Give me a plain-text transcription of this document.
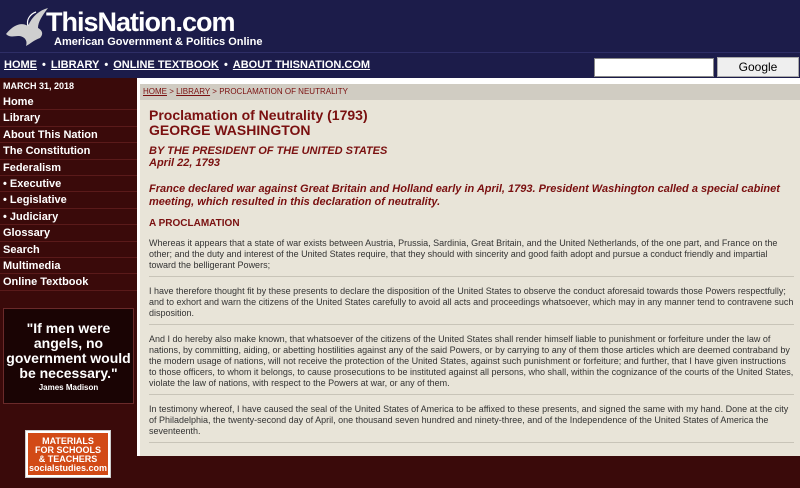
ThisNation.com
American Government & Politics Online
HOME • LIBRARY • ONLINE TEXTBOOK • ABOUT THISNATION.COM	Google
MARCH 31, 2018
Home
Library
About This Nation
The Constitution
Federalism
• Executive
• Legislative
• Judiciary
Glossary
Search
Multimedia
Online Textbook
"If men were angels, no government would be necessary."
James Madison
MATERIALS
FOR SCHOOLS
& TEACHERS
socialstudies.com
HOME > LIBRARY > PROCLAMATION OF NEUTRALITY
Proclamation of Neutrality (1793)
GEORGE WASHINGTON
BY THE PRESIDENT OF THE UNITED STATES
April 22, 1793
France declared war against Great Britain and Holland early in April, 1793. President Washington called a special cabinet meeting, which resulted in this declaration of neutrality.
A PROCLAMATION
Whereas it appears that a state of war exists between Austria, Prussia, Sardinia, Great Britain, and the United Netherlands, of the one part, and France on the other; and the duty and interest of the United States require, that they should with sincerity and good faith adopt and pursue a conduct friendly and impartial toward the belligerant Powers;
I have therefore thought fit by these presents to declare the disposition of the United States to observe the conduct aforesaid towards those Powers respectfully; and to exhort and warn the citizens of the United States carefully to avoid all acts and proceedings whatsoever, which may in any manner tend to contravene such disposition.
And I do hereby also make known, that whatsoever of the citizens of the United States shall render himself liable to punishment or forfeiture under the law of nations, by committing, aiding, or abetting hostilities against any of the said Powers, or by carrying to any of them those articles which are deemed contraband by the modern usage of nations, will not receive the protection of the United States, against such punishment or forfeiture; and further, that I have given instructions to those officers, to whom it belongs, to cause prosecutions to be instituted against all persons, who shall, within the cognizance of the courts of the United States, violate the law of nations, with respect to the Powers at war, or any of them.
In testimony whereof, I have caused the seal of the United States of America to be affixed to these presents, and signed the same with my hand. Done at the city of Philadelphia, the twenty-second day of April, one thousand seven hundred and ninety-three, and of the Independence of the United States of America the seventeenth.
